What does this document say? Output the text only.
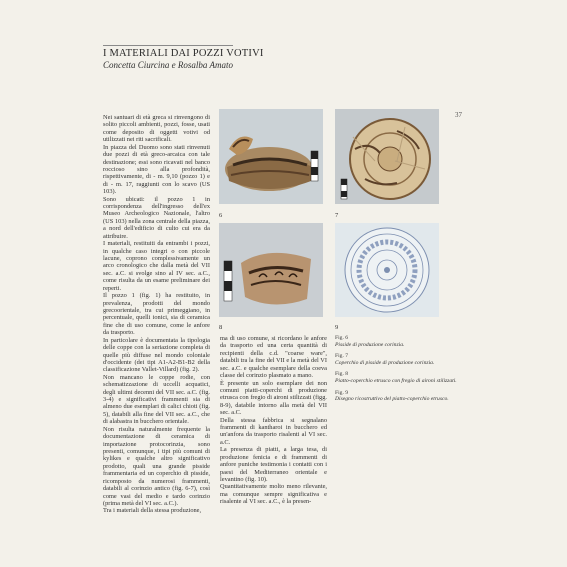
I MATERIALI DAI POZZI VOTIVI
Concetta Ciurcina e Rosalba Amato
37

Nei santuari di età greca si rinvengono di solito piccoli ambienti, pozzi, fosse, usati come deposito di oggetti votivi od utilizzati nei riti sacrificali.

In piazza del Duomo sono stati rinvenuti due pozzi di età greco-arcaica con tale destinazione; essi sono ricavati nel banco roccioso sino alla profondità, rispettivamente, di - m. 9,10 (pozzo 1) e di - m. 17, raggiunti con lo scavo (US 103).

Sono ubicati: il pozzo 1 in corrispondenza dell'ingresso dell'ex Museo Archeologico Nazionale, l'altro (US 103) nella zona centrale della piazza, a nord dell'edificio di culto cui era da attribuire.

I materiali, restituiti da entrambi i pozzi, in qualche caso integri o con piccole lacune, coprono complessivamente un arco cronologico che dalla metà del VII sec. a.C. si svolge sino al IV sec. a.C., come risulta da un esame preliminare dei reperti.

Il pozzo 1 (fig. 1) ha restituito, in prevalenza, prodotti del mondo grecoorientale, tra cui primeggiano, in percentuale, quelli ionici, sia di ceramica fine che di uso comune, come le anfore da trasporto.

In particolare è documentata la tipologia delle coppe con la seriazione completa di quelle più diffuse nel mondo coloniale d'occidente (dei tipi A1-A2-B1-B2 della classificazione Vallet-Villard) (fig. 2).

Non mancano le coppe rodie, con schematizzazione di uccelli acquatici, degli ultimi decenni del VII sec. a.C. (fig. 3-4) e significativi frammenti sia di almeno due esemplari di calici chioti (fig. 5), databili alla fine del VII sec. a.C., che di alabastra in bucchero orientale.

Non risulta naturalmente frequente la documentazione di ceramica di importazione protocorinzia, sono presenti, comunque, i tipi più comuni di kylikes e qualche altro significativo prodotto, quali una grande pisside frammentaria ed un coperchio di pisside, ricomposto da numerosi frammenti, databili al corinzio antico (fig. 6-7), così come vasi del medio e tardo corinzio (prima metà del VI sec. a.C.).

Tra i materiali della stessa produzione,

6	7
8	9

ma di uso comune, si ricordano le anfore da trasporto ed una certa quantità di recipienti della c.d. "coarse ware", databili tra la fine del VII e la metà del VI sec. a.C. e qualche esemplare della coeva classe del corinzio plasmato a mano.

È presente un solo esemplare dei non comuni piatti-coperchi di produzione etrusca con fregio di aironi stilizzati (figg. 8-9), databile intorno alla metà del VII sec. a.C.

Della stessa fabbrica si segnalano frammenti di kantharoi in bucchero ed un'anfora da trasporto risalenti al VI sec. a.C.

La presenza di piatti, a larga tesa, di produzione fenicia e di frammenti di anfore puniche testimonia i contatti con i paesi del Mediterraneo orientale e levantino (fig. 10).

Quantitativamente molto meno rilevante, ma comunque sempre significativa e risalente al VI sec. a.C., è la presen-

Fig. 6
Pisside di produzione corinzia.
Fig. 7
Coperchio di pisside di produzione corinzia.
Fig. 8
Piatto-coperchio etrusco con fregio di aironi stilizzati.
Fig. 9
Disegno ricostruttivo del piatto-coperchio etrusco.
